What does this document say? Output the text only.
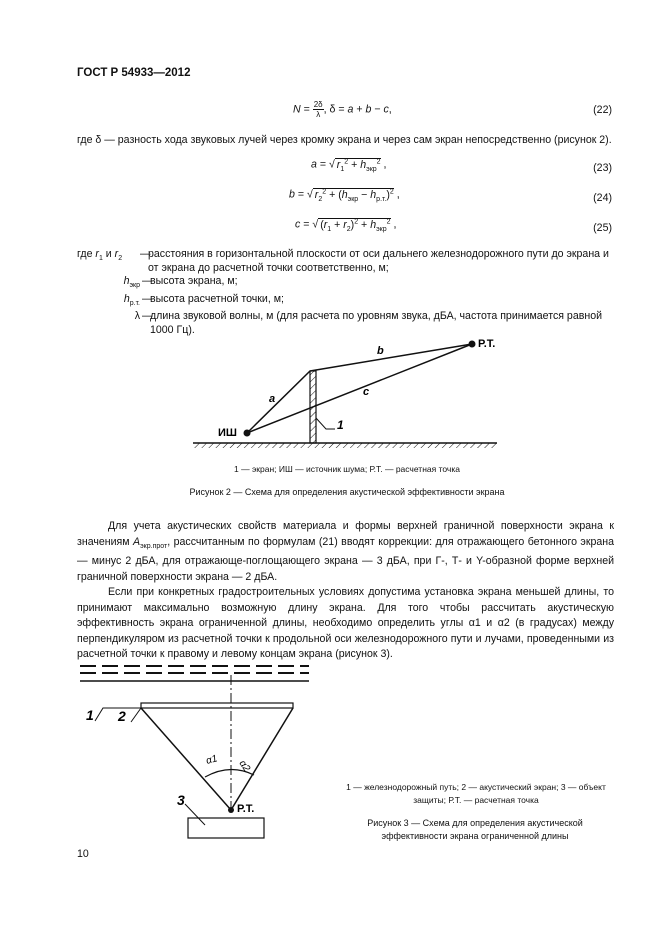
ГОСТ Р 54933—2012
$N = \frac{2\delta}{\lambda}$, δ = a + b − c,	(22)
где δ — разность хода звуковых лучей через кромку экрана и через сам экран непосредственно (рисунок 2).
a = √ $r_1^2 + h_{экр}^2$ ,	(23)
b = √ $r_2^2 + (h_{экр} - h_{р.т.})^2$ ,	(24)
c = √ $(r_1 + r_2)^2 + h_{экр}^2$ ,	(25)
где $r_1$ и $r_2$	—
расстояния в горизонтальной плоскости от оси дальнего железнодорожного пути до экрана и от экрана до расчетной точки соответственно, м;
$h_{экр}$ —
высота экрана, м;
$h_{р.т.}$ —
высота расчетной точки, м;
λ —
длина звуковой волны, м (для расчета по уровням звука, дБА, частота принимается равной 1000 Гц).
a
b
c
1
ИШ
Р.Т.
1 — экран; ИШ — источник шума; Р.Т. — расчетная точка
Рисунок 2 — Схема для определения акустической эффективности экрана

Для учета акустических свойств материала и формы верхней граничной поверхности экрана к значениям $A_{экр.прот}$, рассчитанным по формулам (21) вводят коррекции: для отражающего бетонного экрана — минус 2 дБА, для отражающе-поглощающего экрана — 3 дБА, при Г-, Т- и Y-образной форме верхней граничной поверхности экрана — 2 дБА.

Если при конкретных градостроительных условиях допустима установка экрана меньшей длины, то принимают максимально возможную длину экрана. Для того чтобы рассчитать акустическую эффективность экрана ограниченной длины, необходимо определить углы α1 и α2 (в градусах) между перпендикуляром из расчетной точки к продольной оси железнодорожного пути и лучами, проведенными из расчетной точки к правому и левому концам экрана (рисунок 3).

1 2
3
Р.Т.
α1 α2
1 — железнодорожный путь; 2 — акустический экран; 3 — объект защиты; Р.Т. — расчетная точка
Рисунок 3 — Схема для определения акустической эффективности экрана ограниченной длины
10
